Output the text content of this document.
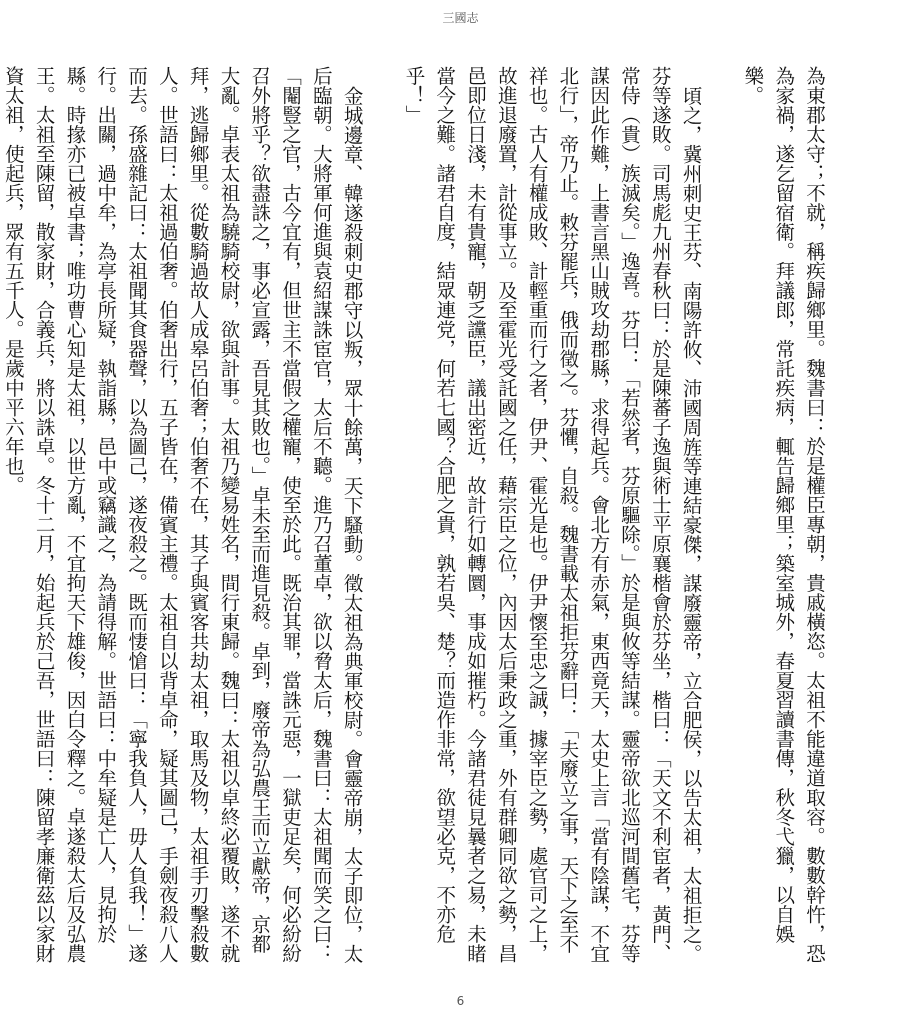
三國志

為東郡太守；不就，稱疾歸鄉里。魏書曰：於是權臣專朝，貴戚橫恣。太祖不能違道取容。數數幹忤，恐為家禍，遂乞留宿衛。拜議郎，常託疾病，輒告歸鄉里；築室城外，春夏習讀書傳，秋冬弋獵，以自娛樂。

頃之，冀州刺史王芬、南陽許攸、沛國周旌等連結豪傑，謀廢靈帝，立合肥侯，以告太祖，太祖拒之。芬等遂敗。司馬彪九州春秋曰：於是陳蕃子逸與術士平原襄楷會於芬坐，楷曰：「天文不利宦者，黃門、常侍（貴）族滅矣。」逸喜。芬曰：「若然者，芬原驅除。」於是與攸等結謀。靈帝欲北巡河間舊宅，芬等謀因此作難，上書言黑山賊攻劫郡縣，求得起兵。會北方有赤氣，東西竟天，太史上言「當有陰謀，不宜北行」，帝乃止。敕芬罷兵，俄而徵之。芬懼，自殺。魏書載太祖拒芬辭曰：「夫廢立之事，天下之至不祥也。古人有權成敗、計輕重而行之者，伊尹、霍光是也。伊尹懷至忠之誠，據宰臣之勢，處官司之上，故進退廢置，計從事立。及至霍光受託國之任，藉宗臣之位，內因太后秉政之重，外有群卿同欲之勢，昌邑即位日淺，未有貴寵，朝乏讜臣，議出密近，故計行如轉圜，事成如摧朽。今諸君徒見曩者之易，未睹當今之難。諸君自度，結眾連党，何若七國？合肥之貴，孰若吳、楚？而造作非常，欲望必克，不亦危乎！」

金城邊章、韓遂殺刺史郡守以叛，眾十餘萬，天下騷動。徵太祖為典軍校尉。會靈帝崩，太子即位，太后臨朝。大將軍何進與袁紹謀誅宦官，太后不聽。進乃召董卓，欲以脅太后，魏書曰：太祖聞而笑之曰：「閹豎之官，古今宜有，但世主不當假之權寵，使至於此。既治其罪，當誅元惡，一獄吏足矣，何必紛紛召外將乎？欲盡誅之，事必宣露，吾見其敗也。」卓未至而進見殺。卓到，廢帝為弘農王而立獻帝，京都大亂。卓表太祖為驍騎校尉，欲與計事。太祖乃變易姓名，間行東歸。魏曰：太祖以卓終必覆敗，遂不就拜，逃歸鄉里。從數騎過故人成皋呂伯奢；伯奢不在，其子與賓客共劫太祖，取馬及物，太祖手刃擊殺數人。世語曰：太祖過伯奢。伯奢出行，五子皆在，備賓主禮。太祖自以背卓命，疑其圖己，手劍夜殺八人而去。孫盛雜記曰：太祖聞其食器聲，以為圖己，遂夜殺之。既而悽愴曰：「寧我負人，毋人負我！」遂行。出關，過中牟，為亭長所疑，執詣縣，邑中或竊識之，為請得解。世語曰：中牟疑是亡人，見拘於縣。時掾亦已被卓書；唯功曹心知是太祖，以世方亂，不宜拘天下雄俊，因白令釋之。卓遂殺太后及弘農王。太祖至陳留，散家財，合義兵，將以誅卓。冬十二月，始起兵於己吾，世語曰：陳留孝廉衛茲以家財資太祖，使起兵，眾有五千人。是歲中平六年也。

6
